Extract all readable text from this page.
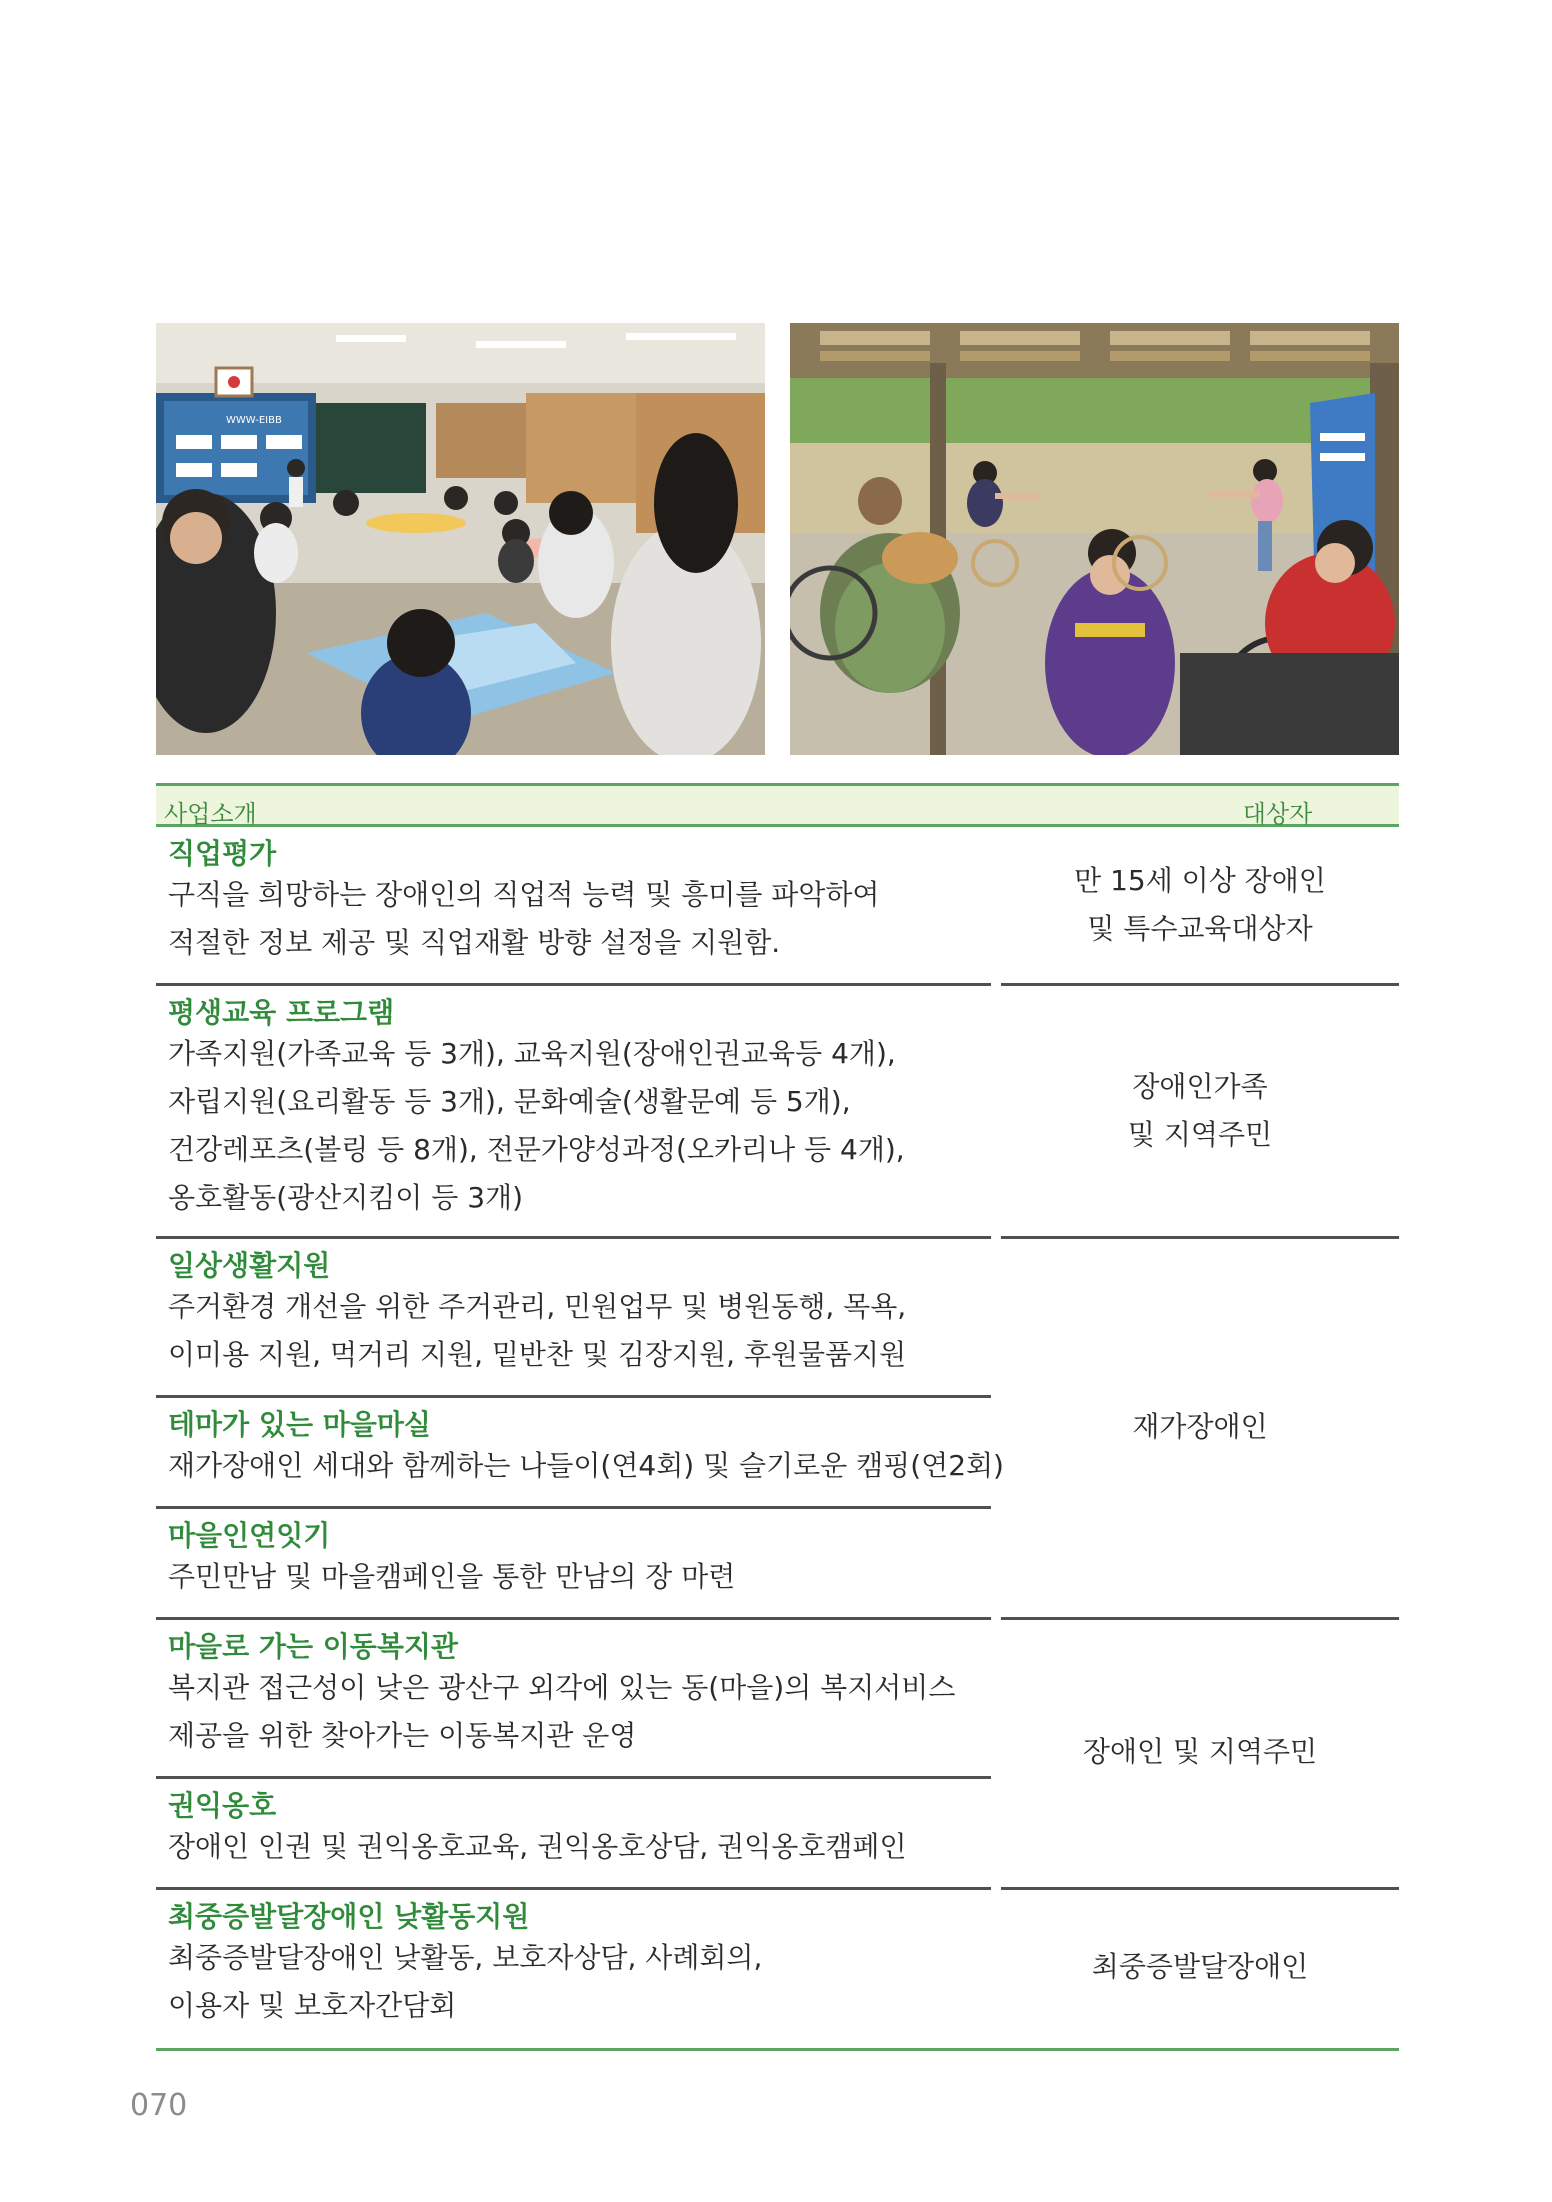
WWW-EIBB
사업소개	대상자
직업평가
구직을 희망하는 장애인의 직업적 능력 및 흥미를 파악하여
적절한 정보 제공 및 직업재활 방향 설정을 지원함.
평생교육 프로그램
가족지원(가족교육 등 3개), 교육지원(장애인권교육등 4개),
자립지원(요리활동 등 3개), 문화예술(생활문예 등 5개),
건강레포츠(볼링 등 8개), 전문가양성과정(오카리나 등 4개),
옹호활동(광산지킴이 등 3개)
일상생활지원
주거환경 개선을 위한 주거관리, 민원업무 및 병원동행, 목욕,
이미용 지원, 먹거리 지원, 밑반찬 및 김장지원, 후원물품지원
테마가 있는 마을마실
재가장애인 세대와 함께하는 나들이(연4회) 및 슬기로운 캠핑(연2회)
마을인연잇기
주민만남 및 마을캠페인을 통한 만남의 장 마련
마을로 가는 이동복지관
복지관 접근성이 낮은 광산구 외각에 있는 동(마을)의 복지서비스
제공을 위한 찾아가는 이동복지관 운영
권익옹호
장애인 인권 및 권익옹호교육, 권익옹호상담, 권익옹호캠페인
최중증발달장애인 낮활동지원
최중증발달장애인 낮활동, 보호자상담, 사례회의,
이용자 및 보호자간담회
만 15세 이상 장애인
및 특수교육대상자
장애인가족
및 지역주민
재가장애인
장애인 및 지역주민
최중증발달장애인
070
